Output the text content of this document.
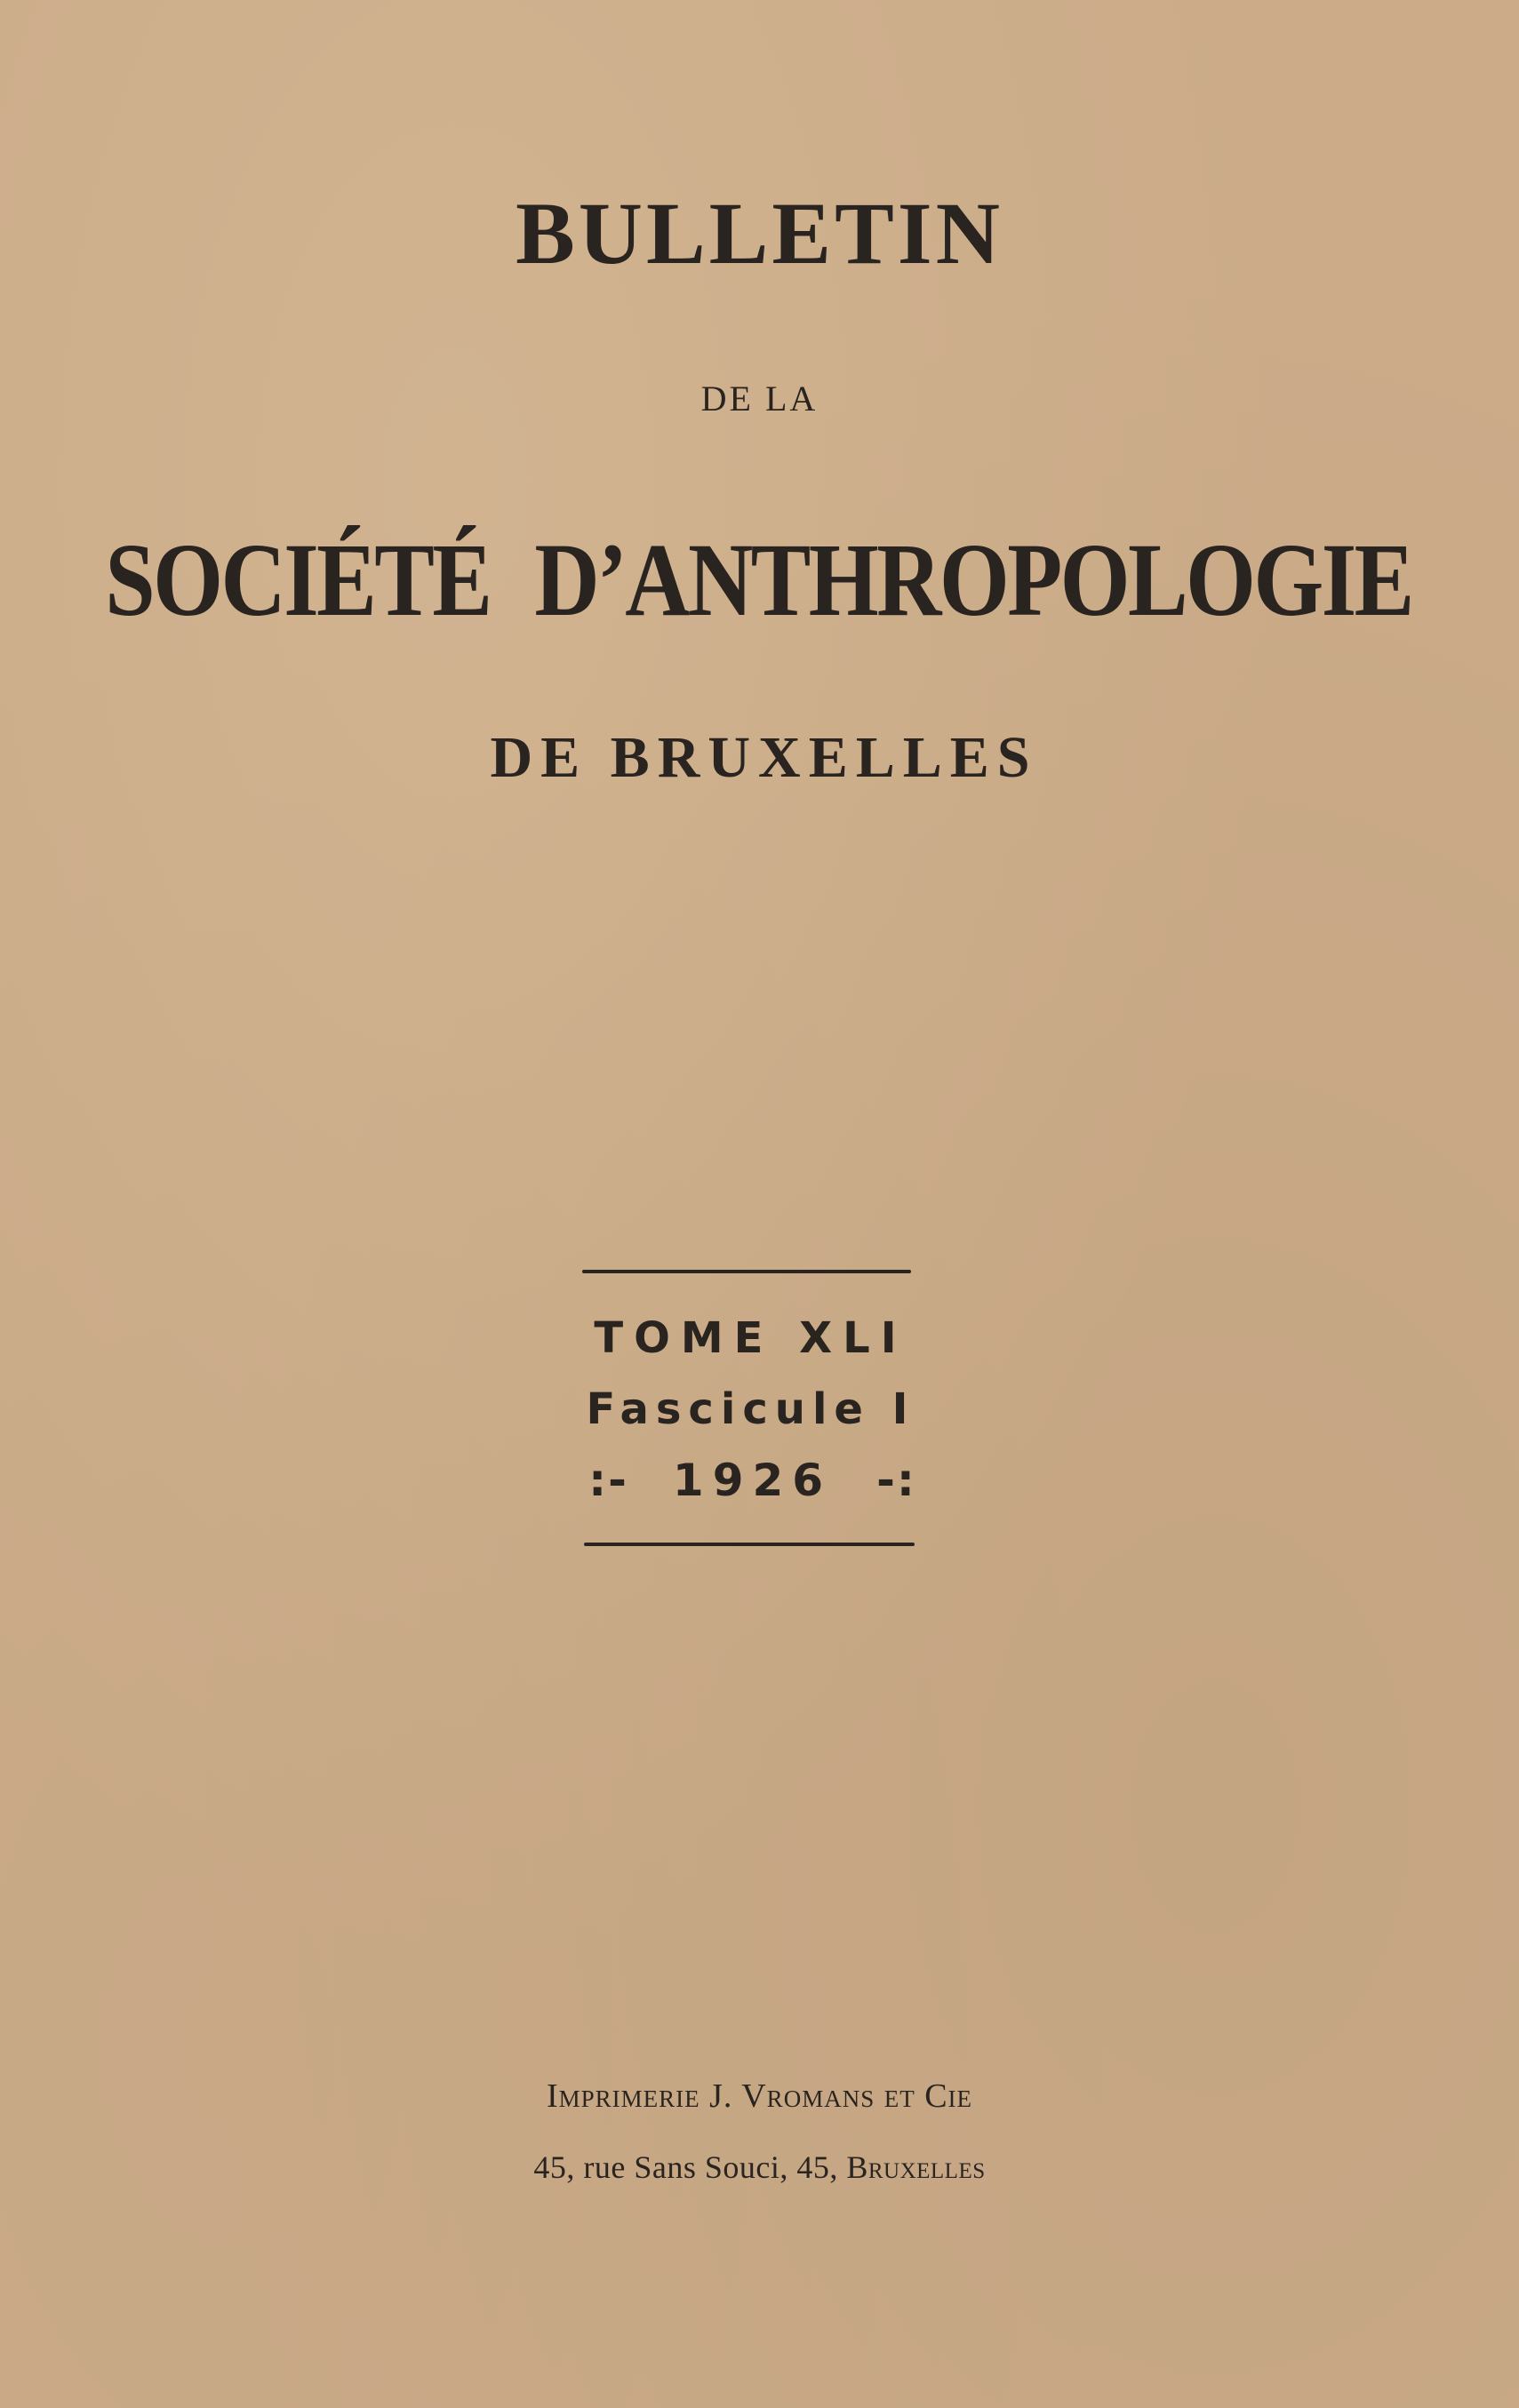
BULLETIN
DE LA
SOCIÉTÉ D’ANTHROPOLOGIE
DE BRUXELLES
TOME XLI
Fascicule I
:- 1926 -:
Imprimerie J. Vromans et Cie
45, rue Sans Souci, 45, Bruxelles
